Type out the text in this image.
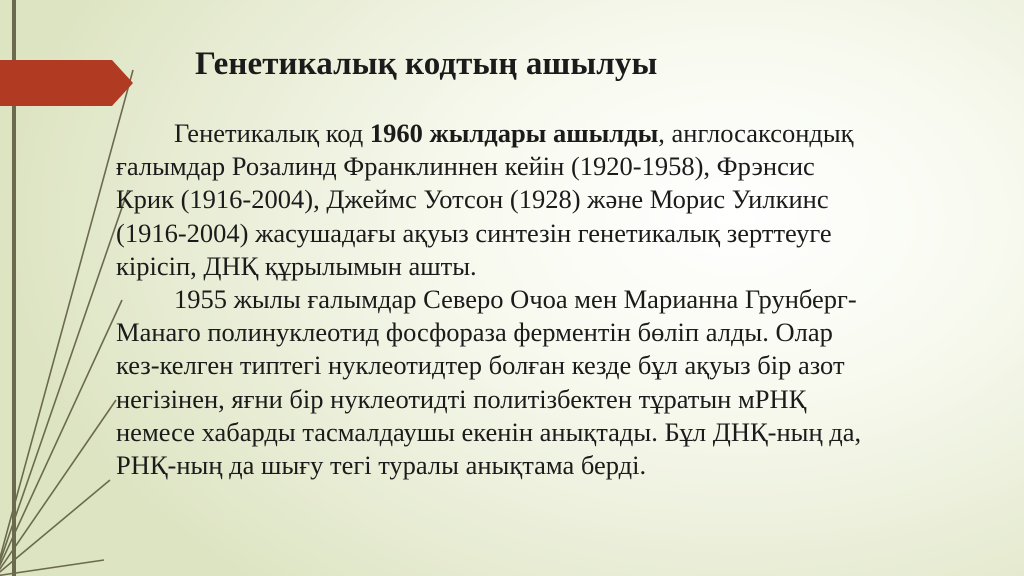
Генетикалық кодтың ашылуы
Генетикалық код 1960 жылдары ашылды, англосаксондық
ғалымдар Розалинд Франклиннен кейін (1920-1958), Фрэнсис
Крик (1916-2004), Джеймс Уотсон (1928) және Морис Уилкинс
(1916-2004) жасушадағы ақуыз синтезін генетикалық зерттеуге
кірісіп, ДНҚ құрылымын ашты.
1955 жылы ғалымдар Северо Очоа мен Марианна Грунберг-
Манаго полинуклеотид фосфораза ферментін бөліп алды. Олар
кез-келген типтегі нуклеотидтер болған кезде бұл ақуыз бір азот
негізінен, яғни бір нуклеотидті политізбектен тұратын мРНҚ
немесе хабарды тасмалдаушы екенін анықтады. Бұл ДНҚ-ның да,
РНҚ-ның да шығу тегі туралы анықтама берді.
